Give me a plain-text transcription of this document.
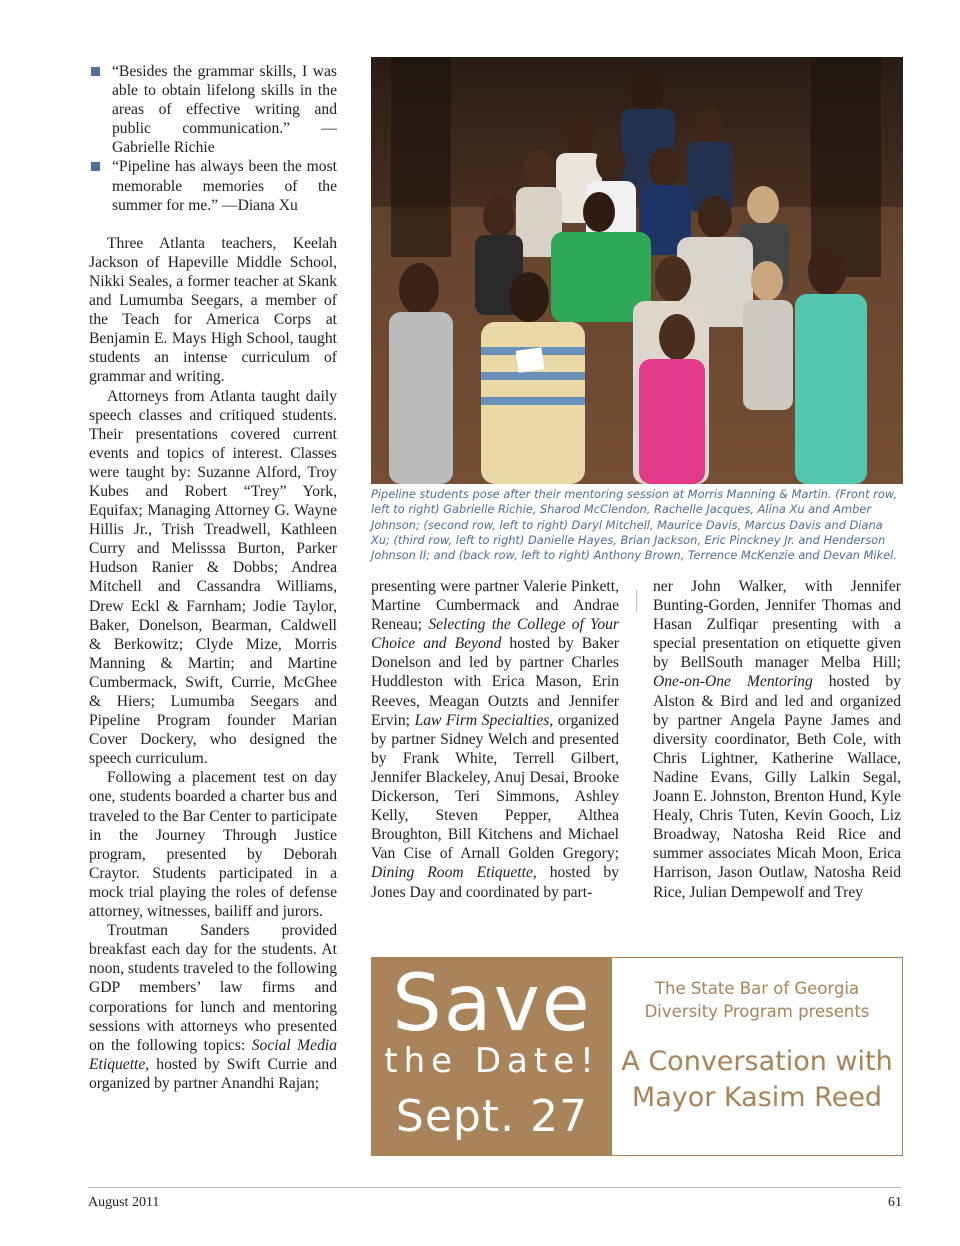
“Besides the grammar skills, I was able to obtain lifelong skills in the areas of effective writing and public communication.” —Gabrielle Richie

“Pipeline has always been the most memorable memories of the summer for me.” —Diana Xu

Three Atlanta teachers, Keelah Jackson of Hapeville Middle School, Nikki Seales, a former teacher at Skank and Lumumba Seegars, a member of the Teach for America Corps at Benjamin E. Mays High School, taught students an intense curriculum of grammar and writing.

Attorneys from Atlanta taught daily speech classes and critiqued students. Their presentations covered current events and topics of interest. Classes were taught by: Suzanne Alford, Troy Kubes and Robert “Trey” York, Equifax; Managing Attorney G. Wayne Hillis Jr., Trish Treadwell, Kathleen Curry and Melisssa Burton, Parker Hudson Ranier & Dobbs; Andrea Mitchell and Cassandra Williams, Drew Eckl & Farnham; Jodie Taylor, Baker, Donelson, Bearman, Caldwell & Berkowitz; Clyde Mize, Morris Manning & Martin; and Martine Cumbermack, Swift, Currie, McGhee & Hiers; Lumumba Seegars and Pipeline Program founder Marian Cover Dockery, who designed the speech curriculum.

Following a placement test on day one, students boarded a charter bus and traveled to the Bar Center to participate in the Journey Through Justice program, presented by Deborah Craytor. Students participated in a mock trial playing the roles of defense attorney, witnesses, bailiff and jurors.

Troutman Sanders provided breakfast each day for the students. At noon, students traveled to the following GDP members’ law firms and corporations for lunch and mentoring sessions with attorneys who presented on the following topics: Social Media Etiquette, hosted by Swift Currie and organized by partner Anandhi Rajan;

Pipeline students pose after their mentoring session at Morris Manning & Martin. (Front row, left to right) Gabrielle Richie, Sharod McClendon, Rachelle Jacques, Alina Xu and Amber Johnson; (second row, left to right) Daryl Mitchell, Maurice Davis, Marcus Davis and Diana Xu; (third row, left to right) Danielle Hayes, Brian Jackson, Eric Pinckney Jr. and Henderson Johnson II; and (back row, left to right) Anthony Brown, Terrence McKenzie and Devan Mikel.

presenting were partner Valerie Pinkett, Martine Cumbermack and Andrae Reneau; Selecting the College of Your Choice and Beyond hosted by Baker Donelson and led by partner Charles Huddleston with Erica Mason, Erin Reeves, Meagan Outzts and Jennifer Ervin; Law Firm Specialties, organized by partner Sidney Welch and presented by Frank White, Terrell Gilbert, Jennifer Blackeley, Anuj Desai, Brooke Dickerson, Teri Simmons, Ashley Kelly, Steven Pepper, Althea Broughton, Bill Kitchens and Michael Van Cise of Arnall Golden Gregory; Dining Room Etiquette, hosted by Jones Day and coordinated by part-

ner John Walker, with Jennifer Bunting-Gorden, Jennifer Thomas and Hasan Zulfiqar presenting with a special presentation on etiquette given by BellSouth manager Melba Hill; One-on-One Mentoring hosted by Alston & Bird and led and organized by partner Angela Payne James and diversity coordinator, Beth Cole, with Chris Lightner, Katherine Wallace, Nadine Evans, Gilly Lalkin Segal, Joann E. Johnston, Brenton Hund, Kyle Healy, Chris Tuten, Kevin Gooch, Liz Broadway, Natosha Reid Rice and summer associates Micah Moon, Erica Harrison, Jason Outlaw, Natosha Reid Rice, Julian Dempewolf and Trey

Save
the Date!
Sept. 27
The State Bar of Georgia
Diversity Program presents
A Conversation with
Mayor Kasim Reed
August 2011	61
